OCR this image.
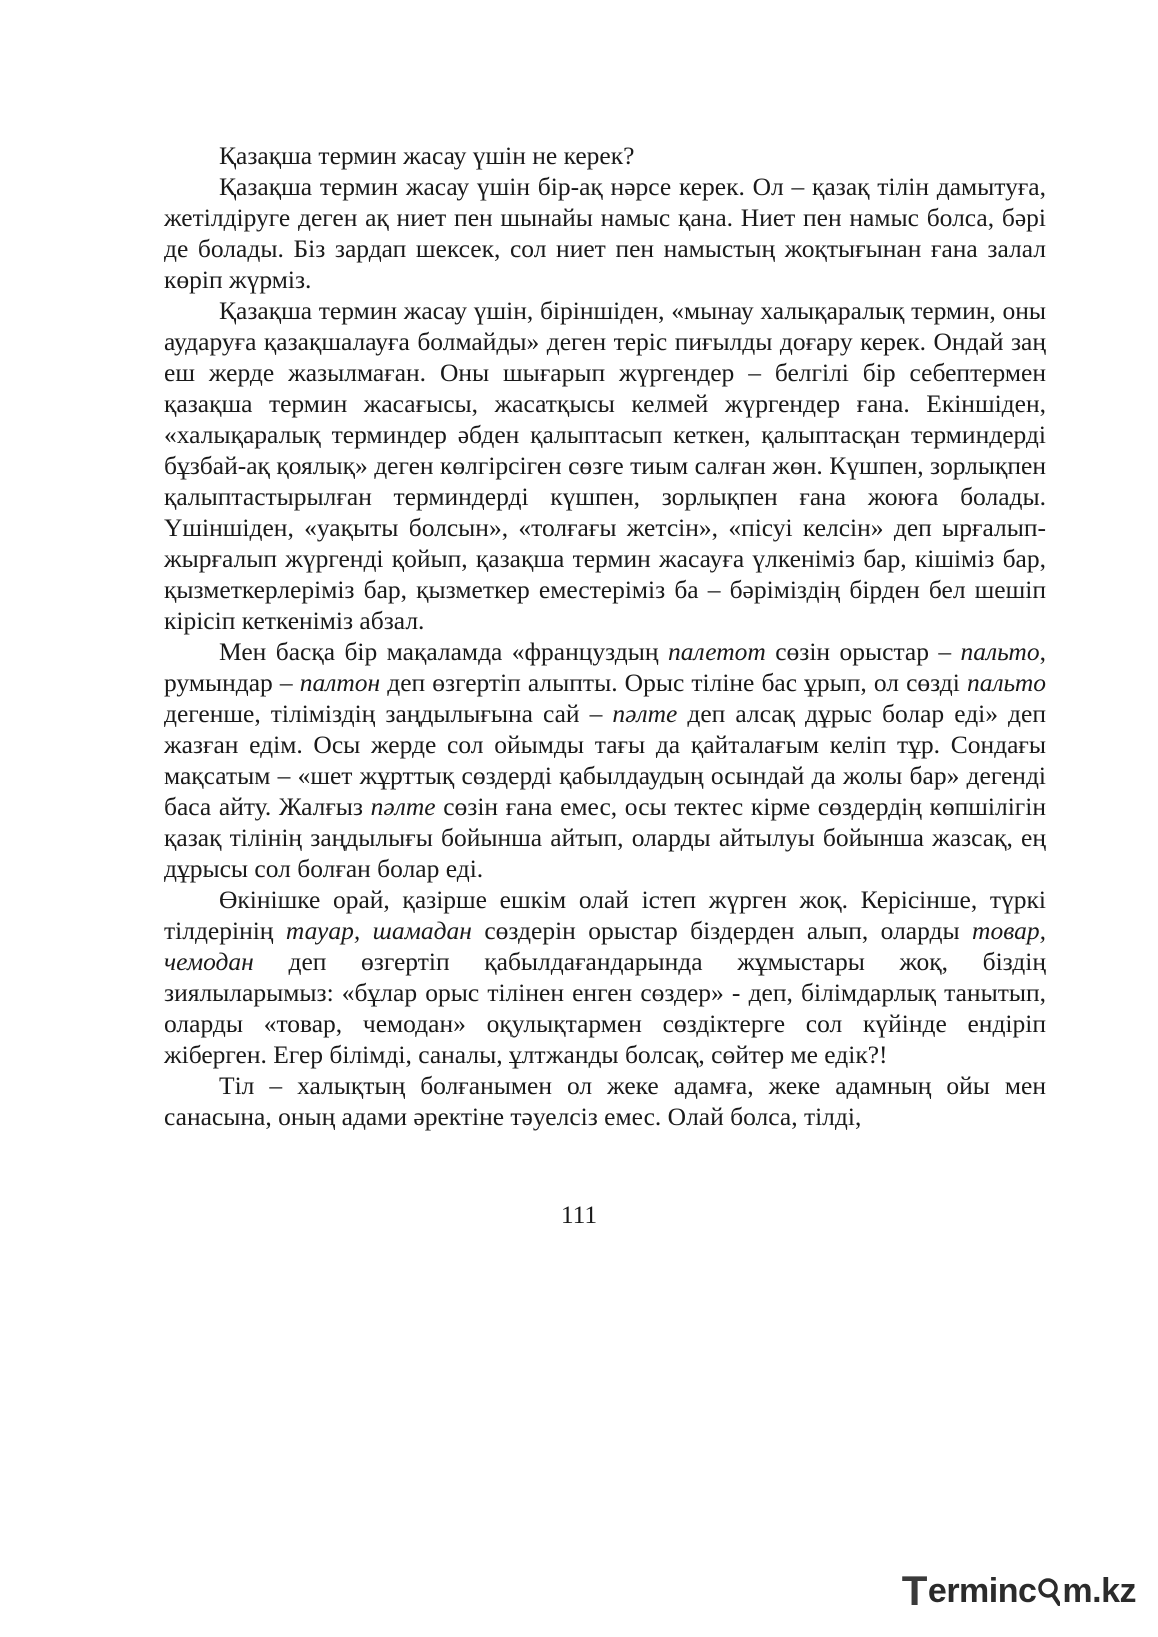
Қазақша термин жасау үшін не керек?

Қазақша термин жасау үшін бір-ақ нәрсе керек. Ол – қазақ тілін дамытуға, жетілдіруге деген ақ ниет пен шынайы намыс қана. Ниет пен намыс болса, бәрі де болады. Біз зардап шексек, сол ниет пен намыстың жоқтығынан ғана залал көріп жүрміз.

Қазақша термин жасау үшін, біріншіден, «мынау халықаралық термин, оны аударуға қазақшалауға болмайды» деген теріс пиғылды доғару керек. Ондай заң еш жерде жазылмаған. Оны шығарып жүргендер – белгілі бір себептермен қазақша термин жасағысы, жасатқысы келмей жүргендер ғана. Екіншіден, «халықаралық терминдер әбден қалыптасып кеткен, қалыптасқан терминдерді бұзбай-ақ қоялық» деген көлгірсіген сөзге тиым салған жөн. Күшпен, зорлықпен қалыптастырылған терминдерді күшпен, зорлықпен ғана жоюға болады. Үшіншіден, «уақыты болсын», «толғағы жетсін», «пісуі келсін» деп ырғалып-жырғалып жүргенді қойып, қазақша термин жасауға үлкеніміз бар, кішіміз бар, қызметкерлеріміз бар, қызметкер еместеріміз ба – бәріміздің бірден бел шешіп кірісіп кеткеніміз абзал.

Мен басқа бір мақаламда «француздың палетот сөзін орыстар – пальто, румындар – палтон деп өзгертіп алыпты. Орыс тіліне бас ұрып, ол сөзді пальто дегенше, тіліміздің заңдылығына сай – пәлте деп алсақ дұрыс болар еді» деп жазған едім. Осы жерде сол ойымды тағы да қайталағым келіп тұр. Сондағы мақсатым – «шет жұрттық сөздерді қабылдаудың осындай да жолы бар» дегенді баса айту. Жалғыз пәлте сөзін ғана емес, осы тектес кірме сөздердің көпшілігін қазақ тілінің заңдылығы бойынша айтып, оларды айтылуы бойынша жазсақ, ең дұрысы сол болған болар еді.

Өкінішке орай, қазірше ешкім олай істеп жүрген жоқ. Керісінше, түркі тілдерінің тауар, шамадан сөздерін орыстар біздерден алып, оларды товар, чемодан деп өзгертіп қабылдағандарында жұмыстары жоқ, біздің зиялыларымыз: «бұлар орыс тілінен енген сөздер» - деп, білімдарлық танытып, оларды «товар, чемодан» оқулықтармен сөздіктерге сол күйінде ендіріп жіберген. Егер білімді, саналы, ұлтжанды болсақ, сөйтер ме едік?!

Тіл – халықтың болғанымен ол жеке адамға, жеке адамның ойы мен санасына, оның адами әректіне тәуелсіз емес. Олай болса, тілді,

111
T erminc m.kz
